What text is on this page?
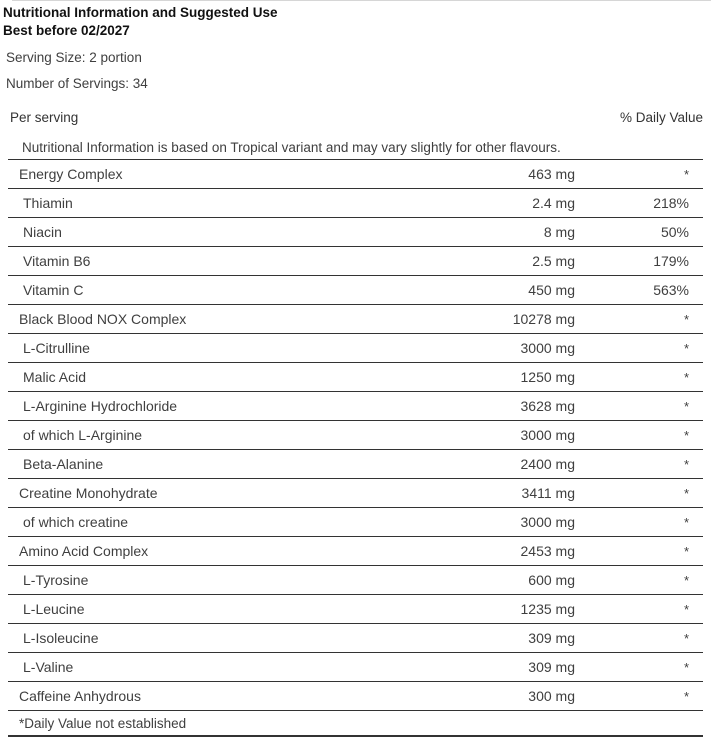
Nutritional Information and Suggested Use
Best before 02/2027
Serving Size: 2 portion
Number of Servings: 34
Per serving	% Daily Value
Nutritional Information is based on Tropical variant and may vary slightly for other flavours.
Energy Complex	463 mg	*
Thiamin	2.4 mg	218%
Niacin	8 mg	50%
Vitamin B6	2.5 mg	179%
Vitamin C	450 mg	563%
Black Blood NOX Complex	10278 mg	*
L-Citrulline	3000 mg	*
Malic Acid	1250 mg	*
L-Arginine Hydrochloride	3628 mg	*
of which L-Arginine	3000 mg	*
Beta-Alanine	2400 mg	*
Creatine Monohydrate	3411 mg	*
of which creatine	3000 mg	*
Amino Acid Complex	2453 mg	*
L-Tyrosine	600 mg	*
L-Leucine	1235 mg	*
L-Isoleucine	309 mg	*
L-Valine	309 mg	*
Caffeine Anhydrous	300 mg	*
*Daily Value not established
